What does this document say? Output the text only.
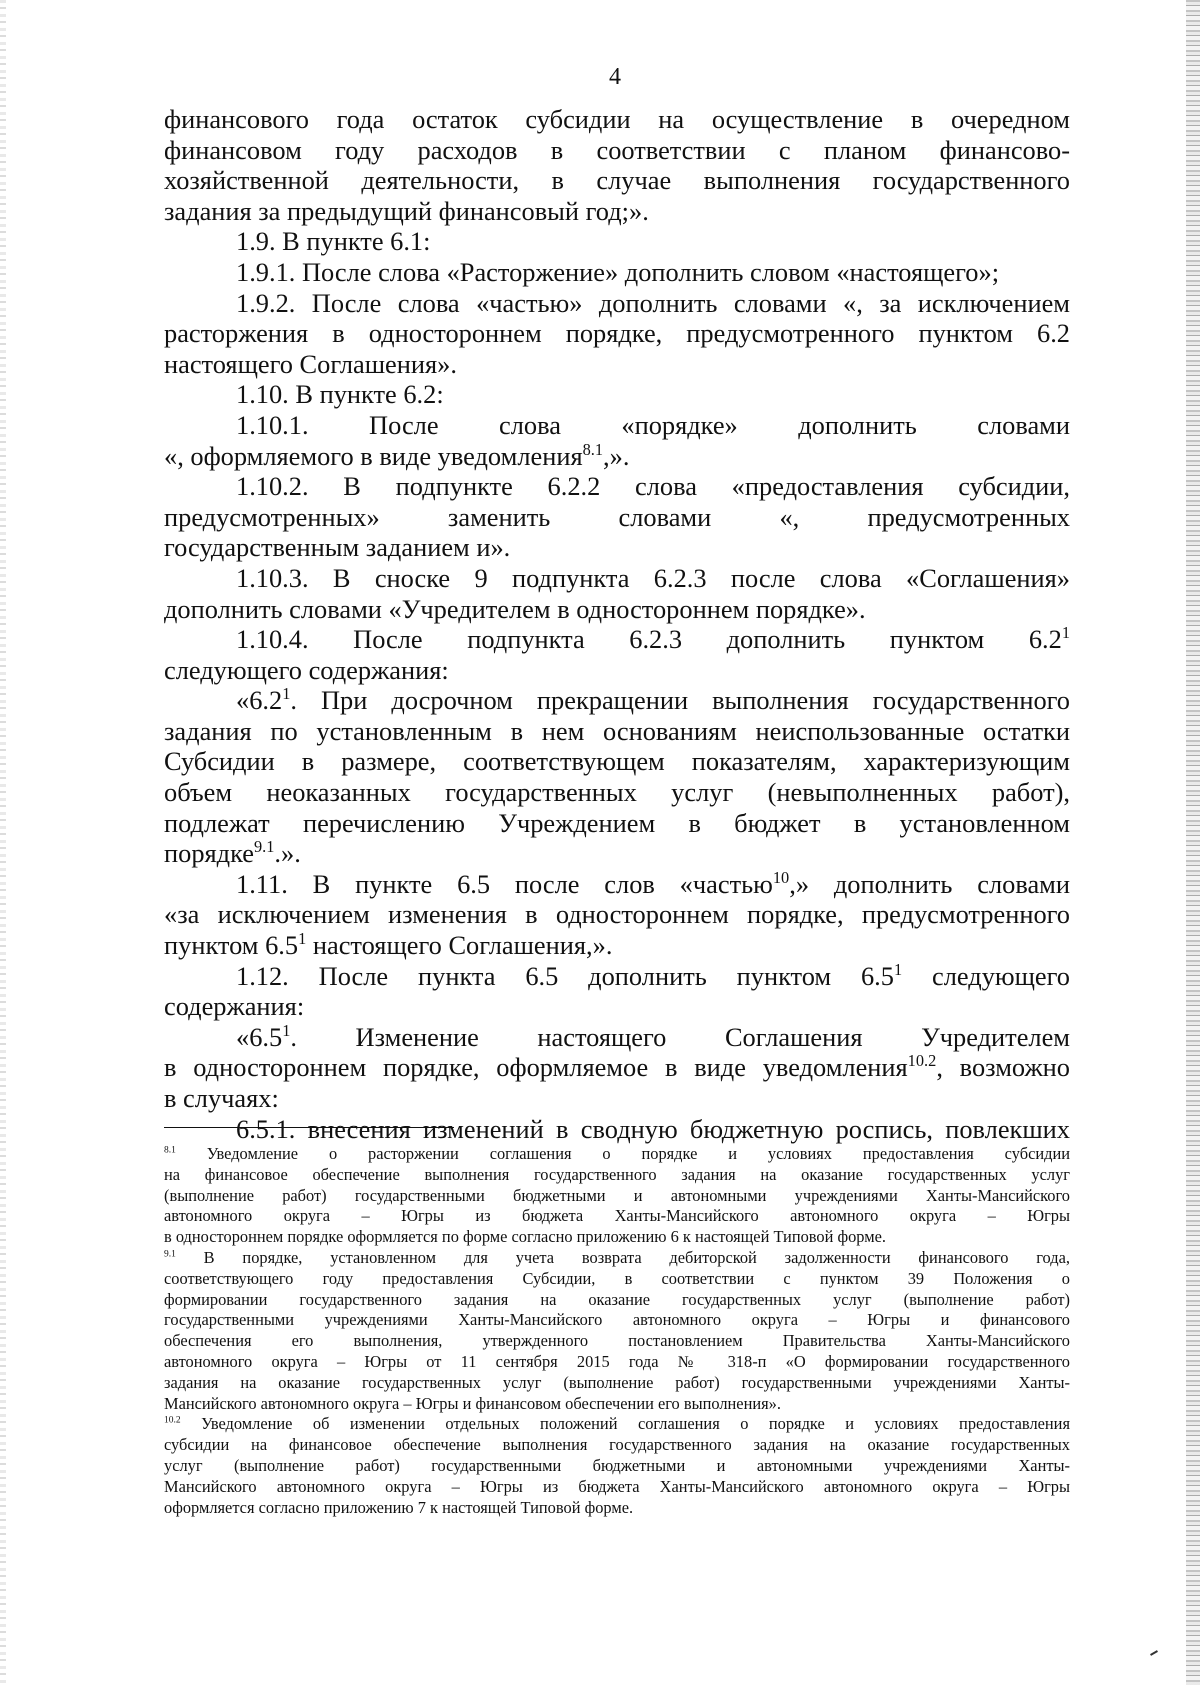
4

финансового года остаток субсидии на осуществление в очередном

финансовом году расходов в соответствии с планом финансово-

хозяйственной деятельности, в случае выполнения государственного

задания за предыдущий финансовый год;».

1.9. В пункте 6.1:

1.9.1. После слова «Расторжение» дополнить словом «настоящего»;

1.9.2. После слова «частью» дополнить словами «, за исключением

расторжения в одностороннем порядке, предусмотренного пунктом 6.2

настоящего Соглашения».

1.10. В пункте 6.2:

1.10.1. После слова «порядке» дополнить словами

«, оформляемого в виде уведомления$^{8.1}$,».

1.10.2. В подпункте 6.2.2 слова «предоставления субсидии,

предусмотренных» заменить словами «, предусмотренных

государственным заданием и».

1.10.3. В сноске 9 подпункта 6.2.3 после слова «Соглашения»

дополнить словами «Учредителем в одностороннем порядке».

1.10.4. После подпункта 6.2.3 дополнить пунктом $6.2^1$

следующего содержания:

«$6.2^1$. При досрочном прекращении выполнения государственного

задания по установленным в нем основаниям неиспользованные остатки

Субсидии в размере, соответствующем показателям, характеризующим

объем неоказанных государственных услуг (невыполненных работ),

подлежат перечислению Учреждением в бюджет в установленном

порядке$^{9.1}$.».

1.11. В пункте 6.5 после слов «частью$^{10}$,» дополнить словами

«за исключением изменения в одностороннем порядке, предусмотренного

пунктом $6.5^1$ настоящего Соглашения,».

1.12. После пункта 6.5 дополнить пунктом $6.5^1$ следующего

содержания:

«$6.5^1$. Изменение настоящего Соглашения Учредителем

в одностороннем порядке, оформляемое в виде уведомления$^{10.2}$, возможно

в случаях:

6.5.1. внесения изменений в сводную бюджетную роспись, повлекших

$^{8.1}$ Уведомление о расторжении соглашения о порядке и условиях предоставления субсидии

на финансовое обеспечение выполнения государственного задания на оказание государственных услуг

(выполнение работ) государственными бюджетными и автономными учреждениями Ханты-Мансийского

автономного округа – Югры из бюджета Ханты-Мансийского автономного округа – Югры

в одностороннем порядке оформляется по форме согласно приложению 6 к настоящей Типовой форме.

$^{9.1}$ В порядке, установленном для учета возврата дебиторской задолженности финансового года,

соответствующего году предоставления Субсидии, в соответствии с пунктом 39 Положения о

формировании государственного задания на оказание государственных услуг (выполнение работ)

государственными учреждениями Ханты-Мансийского автономного округа – Югры и финансового

обеспечения его выполнения, утвержденного постановлением Правительства Ханты-Мансийского

автономного округа – Югры от 11 сентября 2015 года № 318-п «О формировании государственного

задания на оказание государственных услуг (выполнение работ) государственными учреждениями Ханты-

Мансийского автономного округа – Югры и финансовом обеспечении его выполнения».

$^{10.2}$ Уведомление об изменении отдельных положений соглашения о порядке и условиях предоставления

субсидии на финансовое обеспечение выполнения государственного задания на оказание государственных

услуг (выполнение работ) государственными бюджетными и автономными учреждениями Ханты-

Мансийского автономного округа – Югры из бюджета Ханты-Мансийского автономного округа – Югры

оформляется согласно приложению 7 к настоящей Типовой форме.
